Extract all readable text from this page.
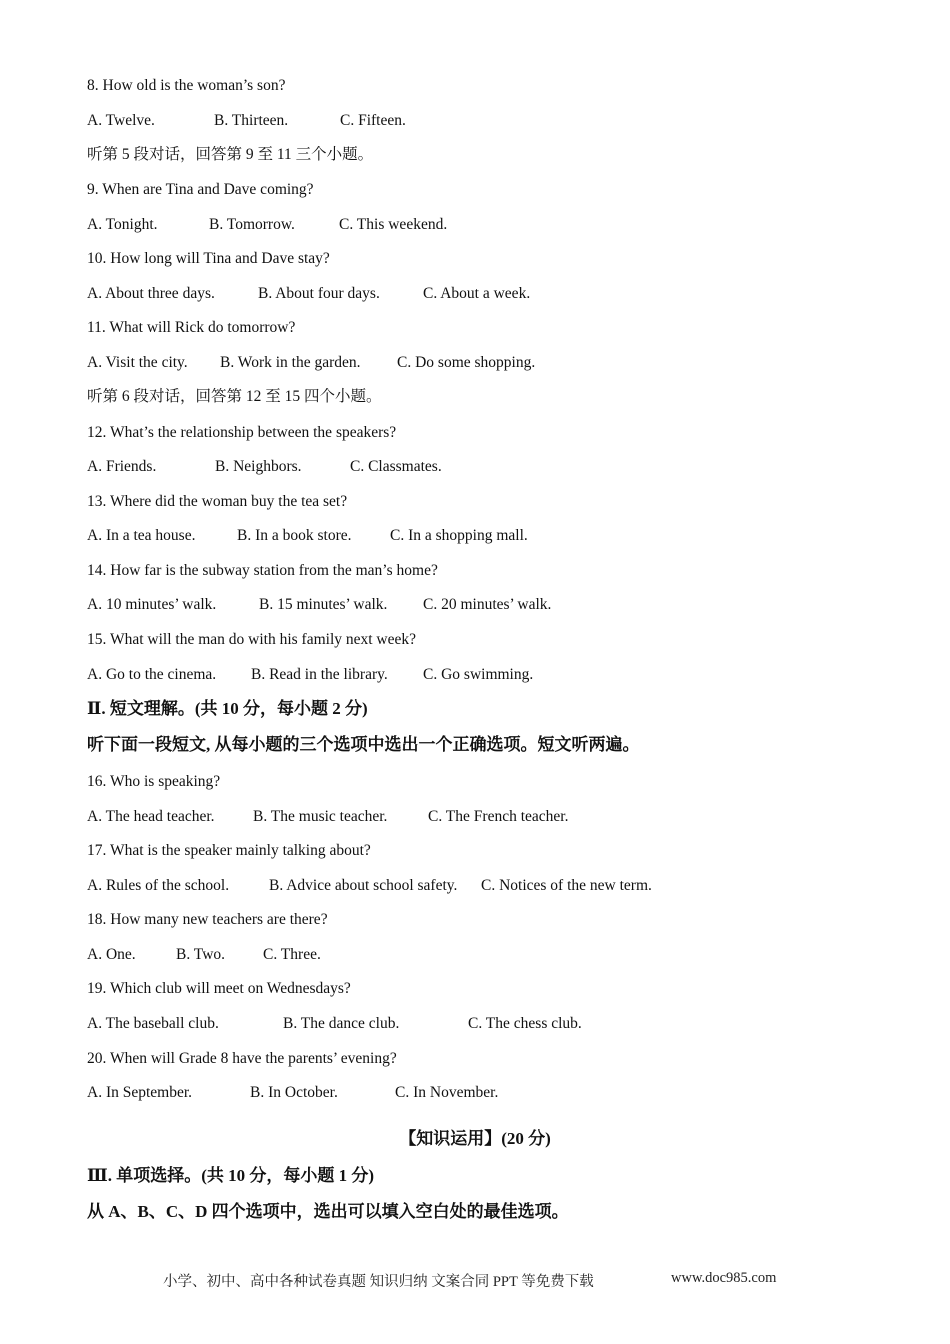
8. How old is the woman’s son?
A. Twelve.	B. Thirteen.	C. Fifteen.
听第 5 段对话，回答第 9 至 11 三个小题。
9. When are Tina and Dave coming?
A. Tonight.	B. Tomorrow.	C. This weekend.
10. How long will Tina and Dave stay?
A. About three days.	B. About four days.	C. About a week.
11. What will Rick do tomorrow?
A. Visit the city. B. Work in the garden. C. Do some shopping.
听第 6 段对话，回答第 12 至 15 四个小题。
12. What’s the relationship between the speakers?
A. Friends.	B. Neighbors.	C. Classmates.
13. Where did the woman buy the tea set?
A. In a tea house.	B. In a book store. C. In a shopping mall.
14. How far is the subway station from the man’s home?
A. 10 minutes’ walk.	B. 15 minutes’ walk. C. 20 minutes’ walk.
15. What will the man do with his family next week?
A. Go to the cinema. B. Read in the library. C. Go swimming.
Ⅱ. 短文理解。(共 10 分，每小题 2 分)
听下面一段短文, 从每小题的三个选项中选出一个正确选项。短文听两遍。
16. Who is speaking?
A. The head teacher. B. The music teacher.	C. The French teacher.
17. What is the speaker mainly talking about?
A. Rules of the school.	B. Advice about school safety. C. Notices of the new term.
18. How many new teachers are there?
A. One.	B. Two. C. Three.
19. Which club will meet on Wednesdays?
A. The baseball club.	B. The dance club.	C. The chess club.
20. When will Grade 8 have the parents’ evening?
A. In September.	B. In October.	C. In November.
【知识运用】(20 分)
Ⅲ. 单项选择。(共 10 分，每小题 1 分)
从 A、B、C、D 四个选项中，选出可以填入空白处的最佳选项。
小学、初中、高中各种试卷真题 知识归纳 文案合同 PPT 等免费下载	www.doc985.com
